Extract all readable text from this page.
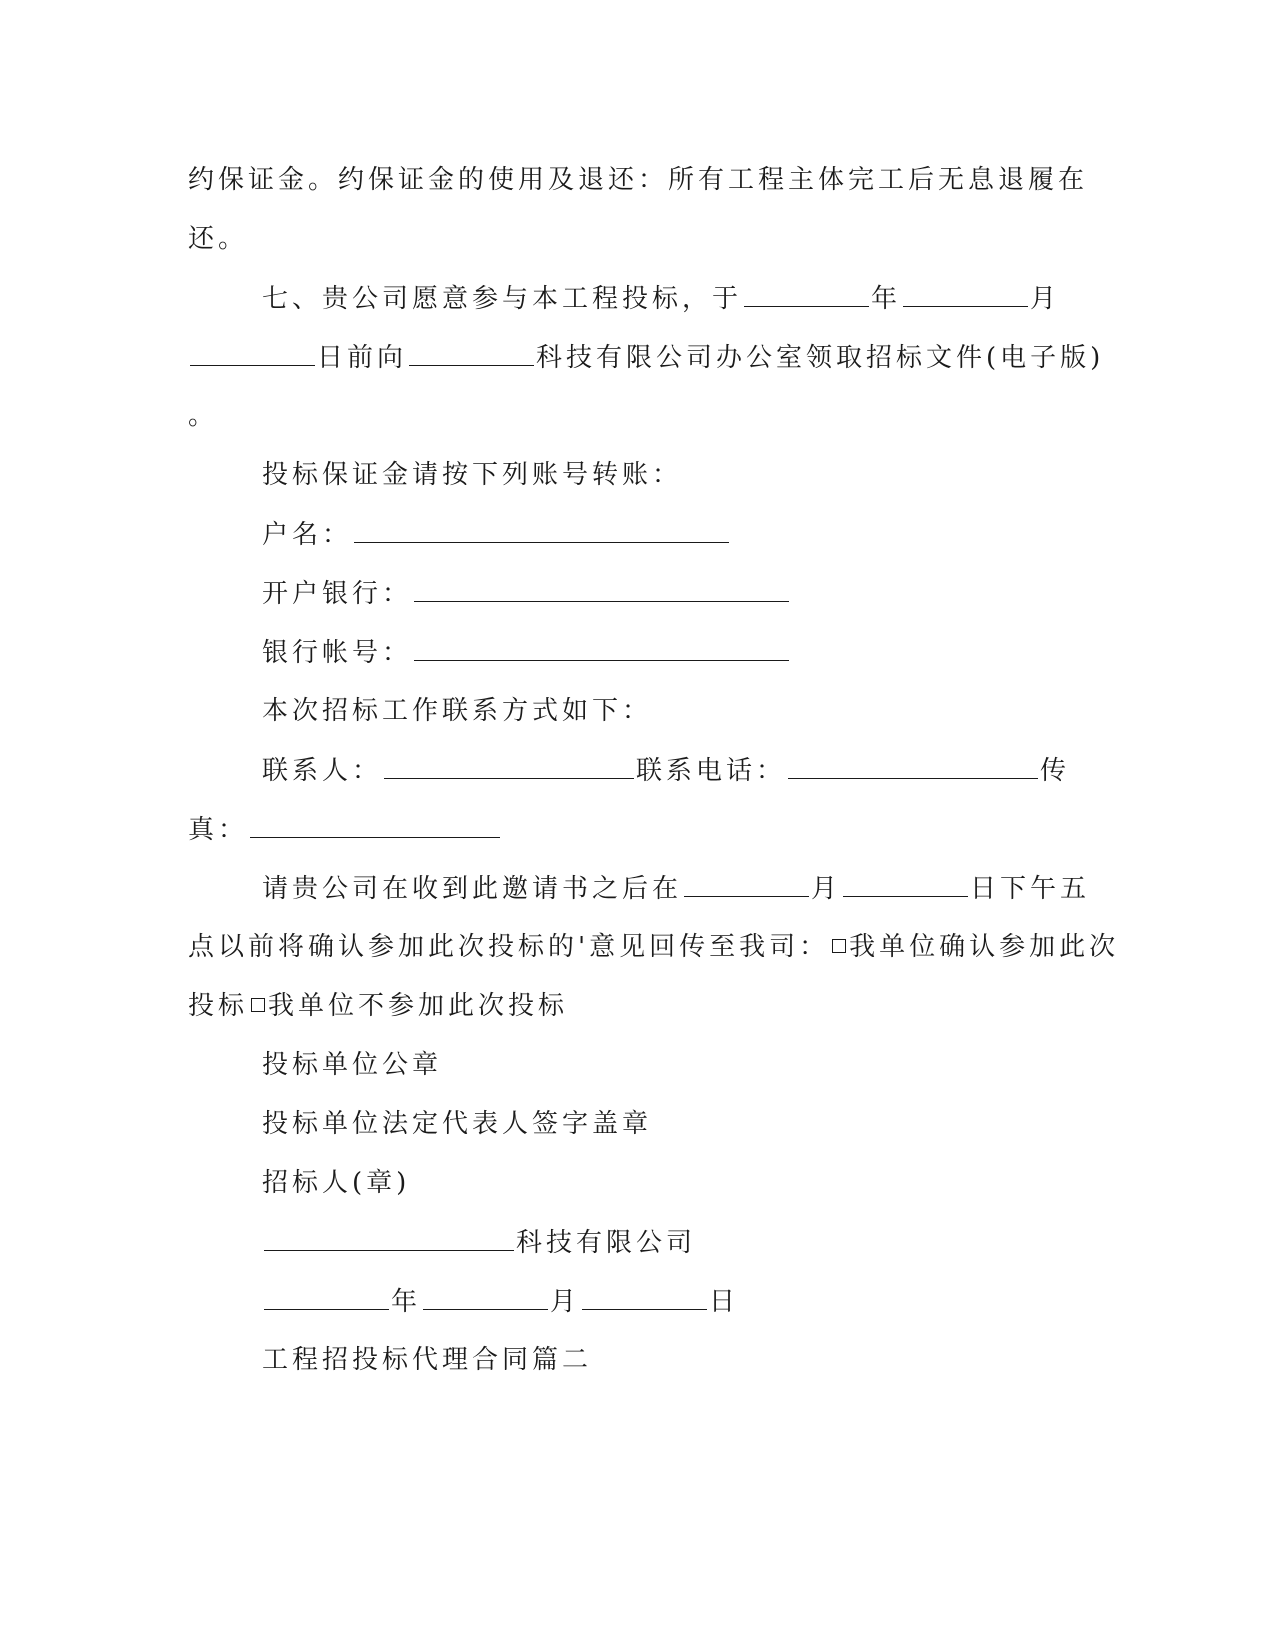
约保证金。约保证金的使用及退还：所有工程主体完工后无息退履在
还。
七、贵公司愿意参与本工程投标，于	年	月
日前向	科技有限公司办公室领取招标文件(电子版)
。
投标保证金请按下列账号转账：
户名：
开户银行：
银行帐号：
本次招标工作联系方式如下：
联系人：	联系电话：	传
真：
请贵公司在收到此邀请书之后在	月	日下午五
点以前将确认参加此次投标的'意见回传至我司： 我单位确认参加此次
投标 我单位不参加此次投标
投标单位公章
投标单位法定代表人签字盖章
招标人(章)
科技有限公司
年	月	日
工程招投标代理合同篇二
